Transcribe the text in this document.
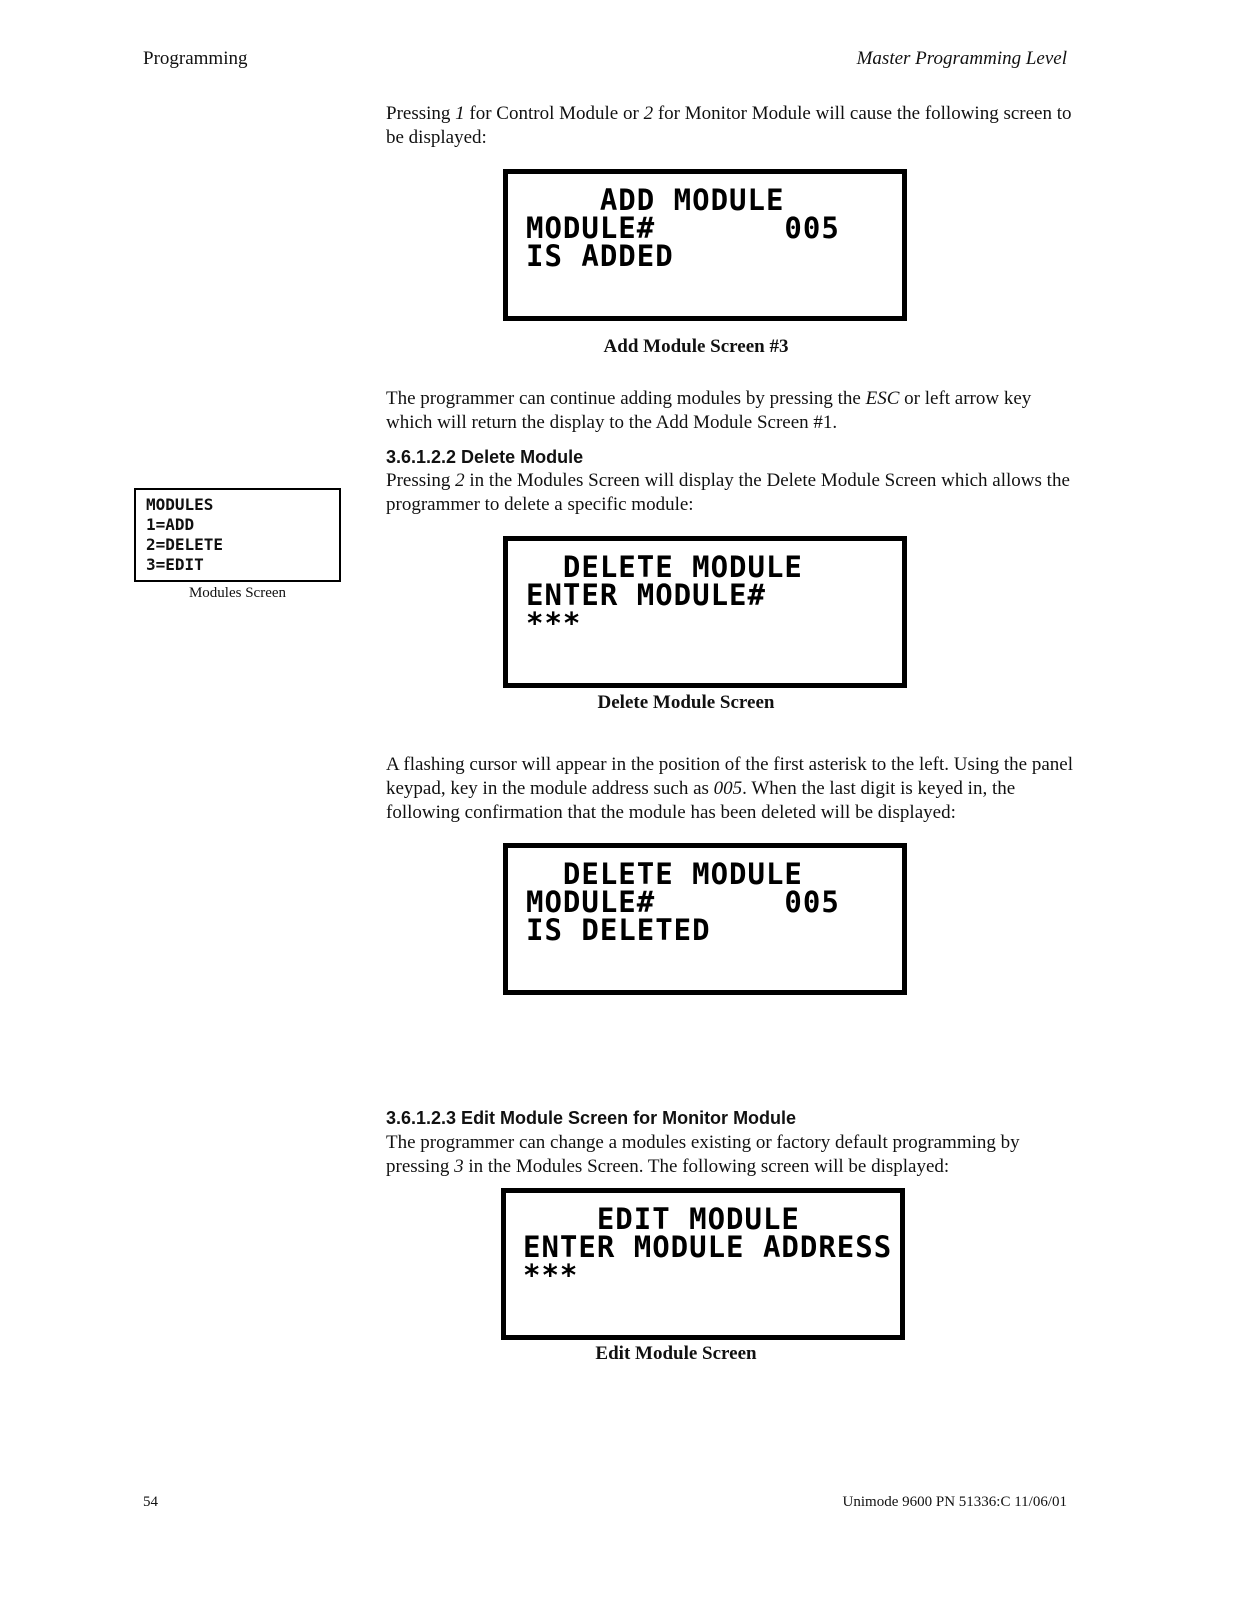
Programming	Master Programming Level
Pressing 1 for Control Module or 2 for Monitor Module will cause the following screen to be displayed:
ADD MODULE
MODULE#       005
IS ADDED
Add Module Screen #3
The programmer can continue adding modules by pressing the ESC or left arrow key which will return the display to the Add Module Screen #1.
3.6.1.2.2 Delete Module
Pressing 2 in the Modules Screen will display the Delete Module Screen which allows the programmer to delete a specific module:
MODULES
1=ADD
2=DELETE
3=EDIT
Modules Screen
DELETE MODULE
ENTER MODULE#
***
Delete Module Screen
A flashing cursor will appear in the position of the first asterisk to the left. Using the panel keypad, key in the module address such as 005. When the last digit is keyed in, the following confirmation that the module has been deleted will be displayed:
DELETE MODULE
MODULE#       005
IS DELETED
3.6.1.2.3 Edit Module Screen for Monitor Module
The programmer can change a modules existing or factory default programming by pressing 3 in the Modules Screen. The following screen will be displayed:
EDIT MODULE
ENTER MODULE ADDRESS
***
Edit Module Screen
54	Unimode 9600 PN 51336:C 11/06/01
